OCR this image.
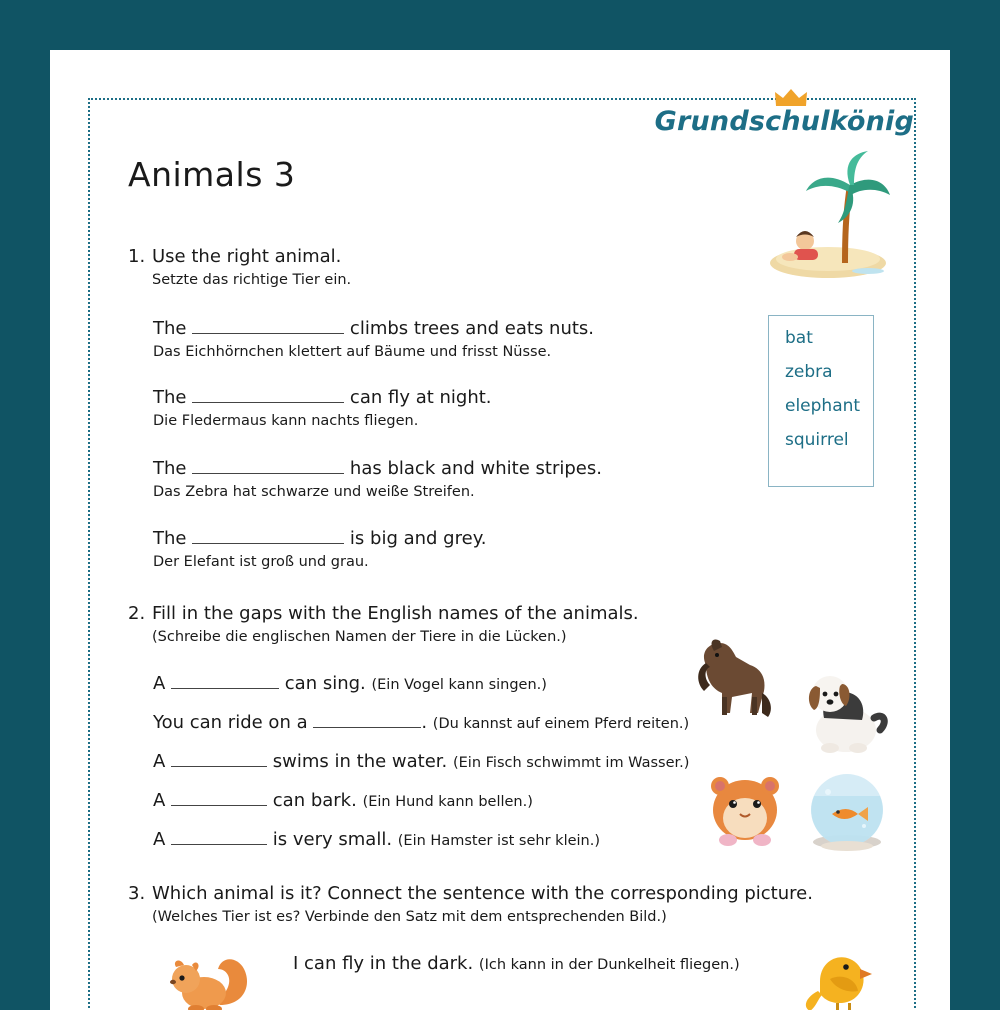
Grundschulkönig
Animals 3
bat
zebra
elephant
squirrel
1. Use the right animal.
Setzte das richtige Tier ein.
The	climbs trees and eats nuts.
Das Eichhörnchen klettert auf Bäume und frisst Nüsse.
The	can fly at night.
Die Fledermaus kann nachts fliegen.
The	has black and white stripes.
Das Zebra hat schwarze und weiße Streifen.
The	is big and grey.
Der Elefant ist groß und grau.
2. Fill in the gaps with the English names of the animals.
(Schreibe die englischen Namen der Tiere in die Lücken.)
A	can sing. (Ein Vogel kann singen.)
You can ride on a	. (Du kannst auf einem Pferd reiten.)
A	swims in the water. (Ein Fisch schwimmt im Wasser.)
A	can bark. (Ein Hund kann bellen.)
A	is very small. (Ein Hamster ist sehr klein.)
3. Which animal is it? Connect the sentence with the corresponding picture.
(Welches Tier ist es? Verbinde den Satz mit dem entsprechenden Bild.)
I can fly in the dark. (Ich kann in der Dunkelheit fliegen.)
